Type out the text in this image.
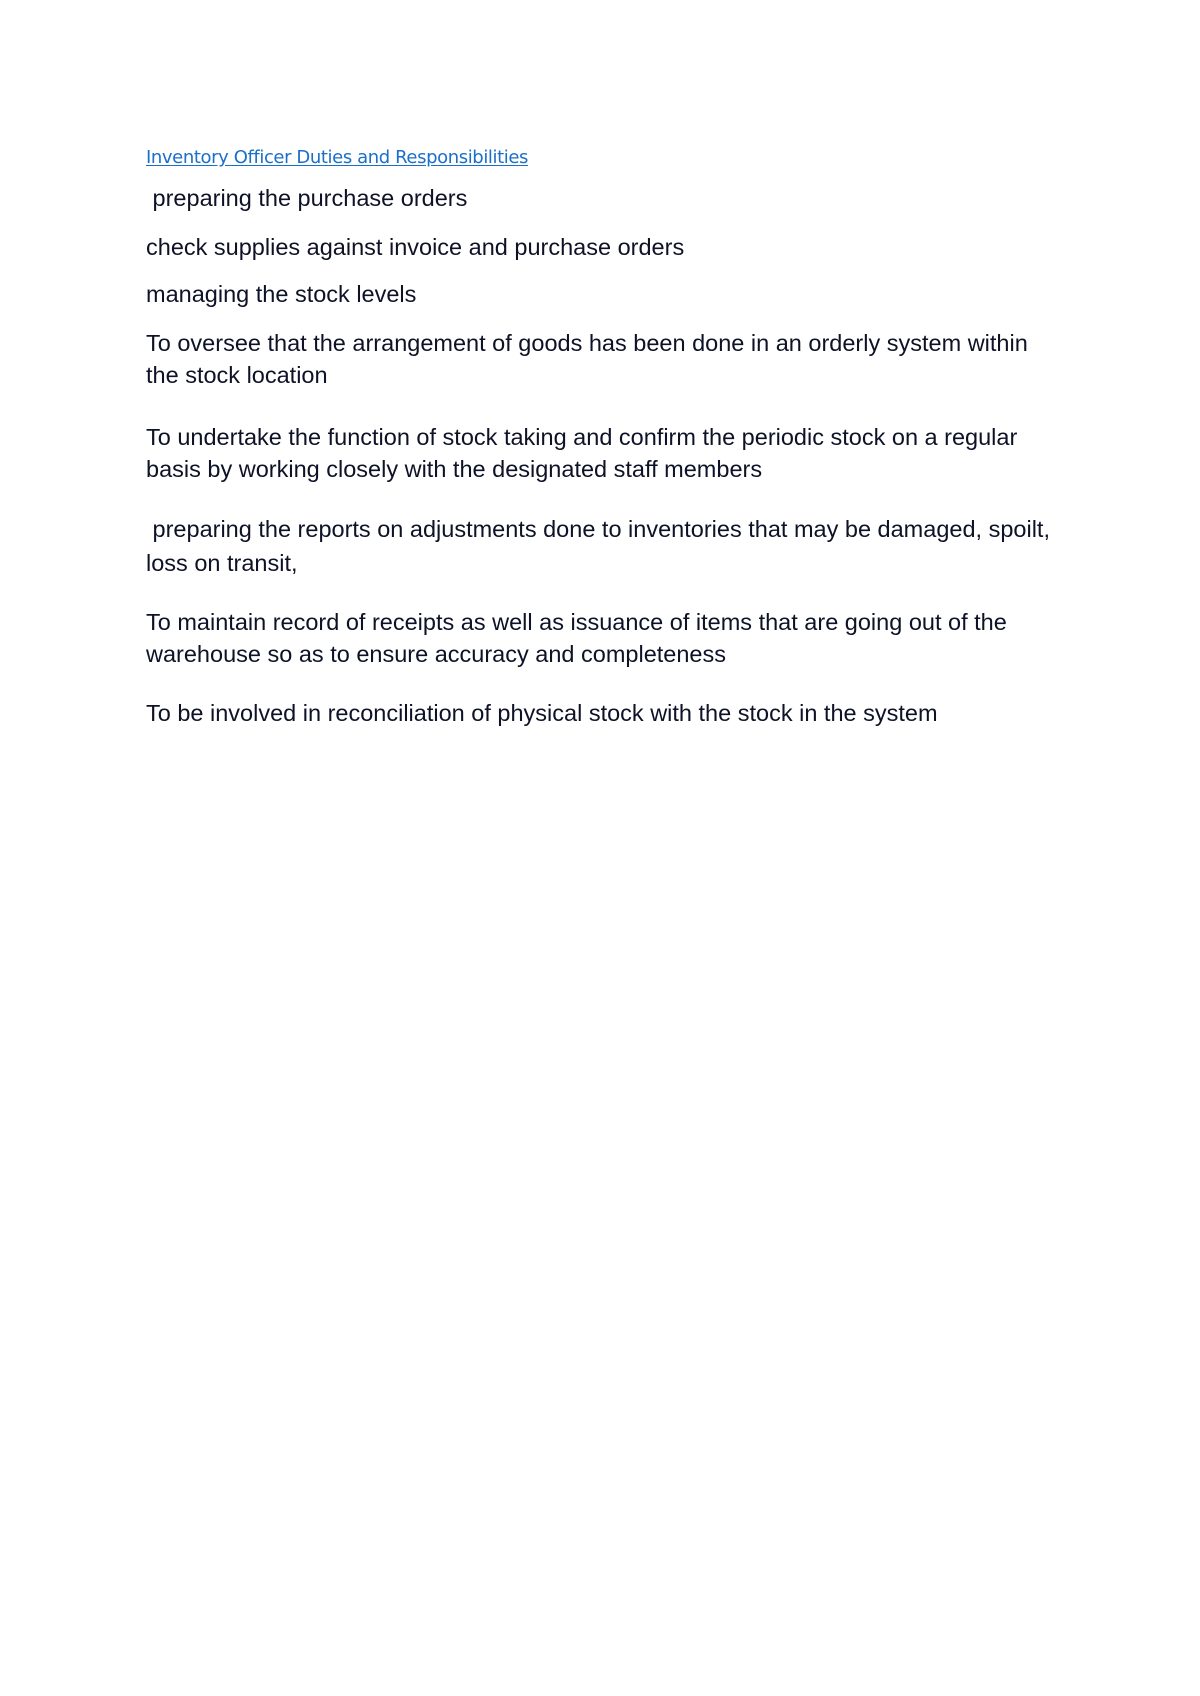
Inventory Officer Duties and Responsibilities

preparing the purchase orders

check supplies against invoice and purchase orders

managing the stock levels

To oversee that the arrangement of goods has been done in an orderly system within the stock location

To undertake the function of stock taking and confirm the periodic stock on a regular basis by working closely with the designated staff members

preparing the reports on adjustments done to inventories that may be damaged, spoilt, loss on transit,

To maintain record of receipts as well as issuance of items that are going out of the warehouse so as to ensure accuracy and completeness

To be involved in reconciliation of physical stock with the stock in the system
